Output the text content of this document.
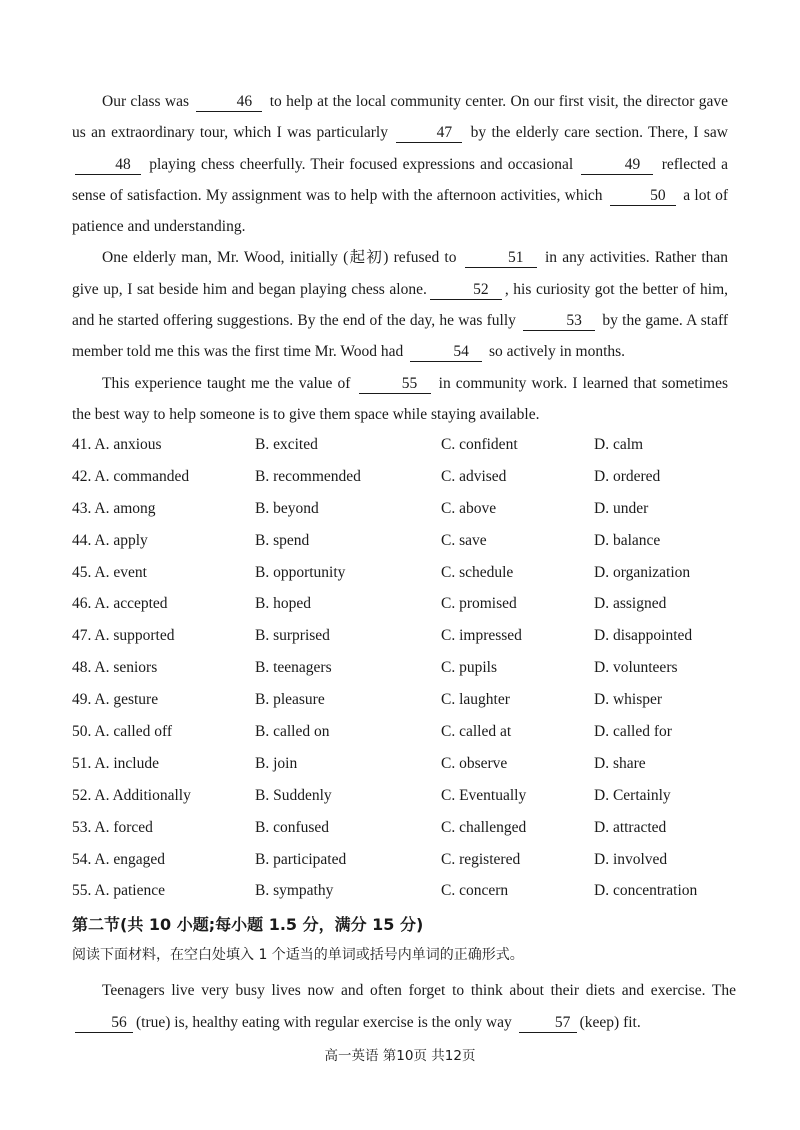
Our class was	46 to help at the local community center. On our first visit, the director gave us an extraordinary tour, which I was particularly	47 by the elderly care section. There, I saw 48 playing chess cheerfully. Their focused expressions and occasional	49 reflected a sense of satisfaction. My assignment was to help with the afternoon activities, which	50 a lot of patience and understanding.

One elderly man, Mr. Wood, initially (起初) refused to	51 in any activities. Rather than give up, I sat beside him and began playing chess alone.	52 , his curiosity got the better of him, and he started offering suggestions. By the end of the day, he was fully	53 by the game. A staff member told me this was the first time Mr. Wood had	54 so actively in months.

This experience taught me the value of	55 in community work. I learned that sometimes the best way to help someone is to give them space while staying available.

41. A. anxious	B. excited	C. confident	D. calm
42. A. commanded	B. recommended	C. advised	D. ordered
43. A. among	B. beyond	C. above	D. under
44. A. apply	B. spend	C. save	D. balance
45. A. event	B. opportunity	C. schedule	D. organization
46. A. accepted	B. hoped	C. promised	D. assigned
47. A. supported	B. surprised	C. impressed	D. disappointed
48. A. seniors	B. teenagers	C. pupils	D. volunteers
49. A. gesture	B. pleasure	C. laughter	D. whisper
50. A. called off	B. called on	C. called at	D. called for
51. A. include	B. join	C. observe	D. share
52. A. Additionally	B. Suddenly	C. Eventually	D. Certainly
53. A. forced	B. confused	C. challenged	D. attracted
54. A. engaged	B. participated	C. registered	D. involved
55. A. patience	B. sympathy	C. concern	D. concentration
第二节(共 10 小题;每小题 1.5 分，满分 15 分)
阅读下面材料，在空白处填入 1 个适当的单词或括号内单词的正确形式。

Teenagers live very busy lives now and often forget to think about their diets and exercise. The 56 (true) is, healthy eating with regular exercise is the only way	57 (keep) fit.

高一英语 第10页 共12页
